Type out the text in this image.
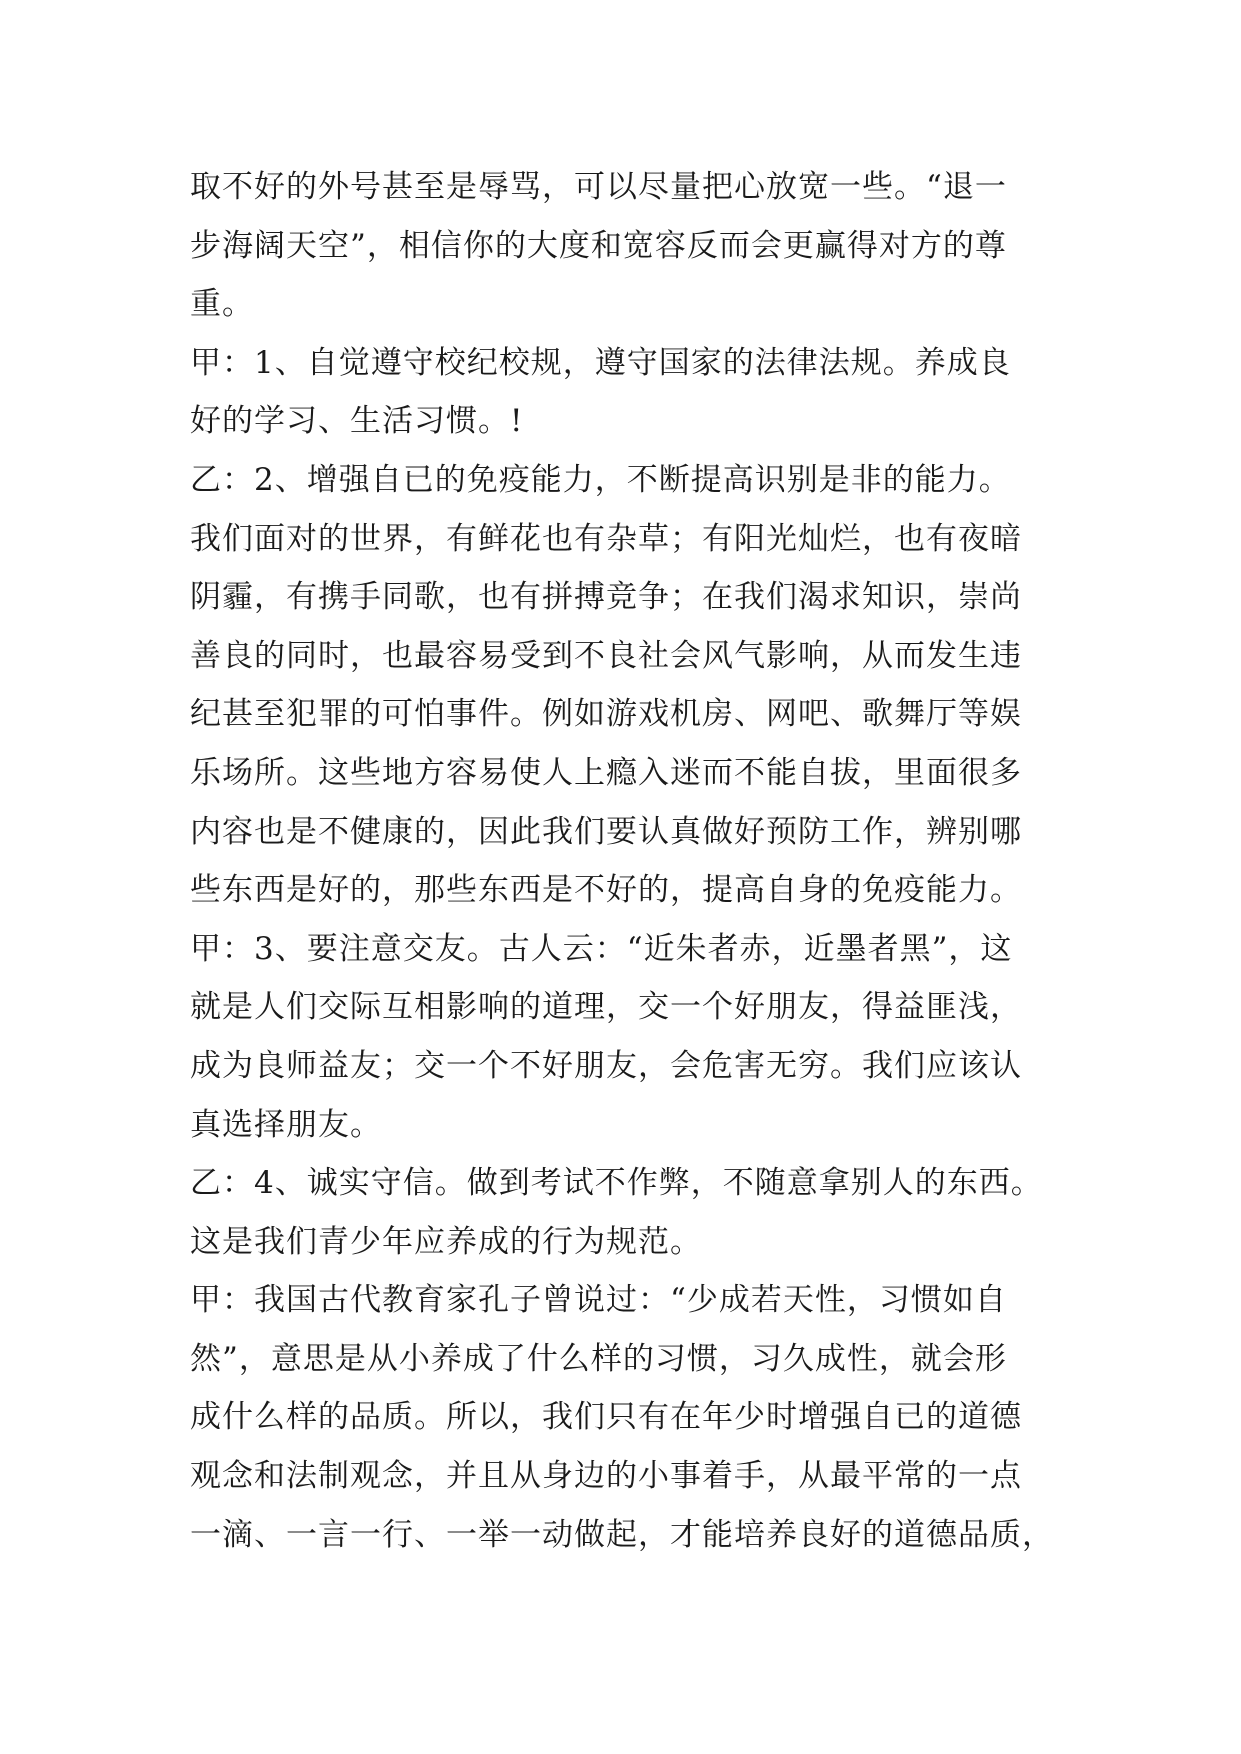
取不好的外号甚至是辱骂，可以尽量把心放宽一些。“退一
步海阔天空”，相信你的大度和宽容反而会更赢得对方的尊
重。
甲：1、自觉遵守校纪校规，遵守国家的法律法规。养成良
好的学习、生活习惯。!
乙：2、增强自已的免疫能力，不断提高识别是非的能力。
我们面对的世界，有鲜花也有杂草；有阳光灿烂，也有夜暗
阴霾，有携手同歌，也有拼搏竞争；在我们渴求知识，崇尚
善良的同时，也最容易受到不良社会风气影响，从而发生违
纪甚至犯罪的可怕事件。例如游戏机房、网吧、歌舞厅等娱
乐场所。这些地方容易使人上瘾入迷而不能自拔，里面很多
内容也是不健康的，因此我们要认真做好预防工作，辨别哪
些东西是好的，那些东西是不好的，提高自身的免疫能力。
甲：3、要注意交友。古人云：“近朱者赤，近墨者黑”，这
就是人们交际互相影响的道理，交一个好朋友，得益匪浅，
成为良师益友；交一个不好朋友，会危害无穷。我们应该认
真选择朋友。
乙：4、诚实守信。做到考试不作弊，不随意拿别人的东西。
这是我们青少年应养成的行为规范。
甲：我国古代教育家孔子曾说过：“少成若天性，习惯如自
然”，意思是从小养成了什么样的习惯，习久成性，就会形
成什么样的品质。所以，我们只有在年少时增强自已的道德
观念和法制观念，并且从身边的小事着手，从最平常的一点
一滴、一言一行、一举一动做起，才能培养良好的道德品质，
